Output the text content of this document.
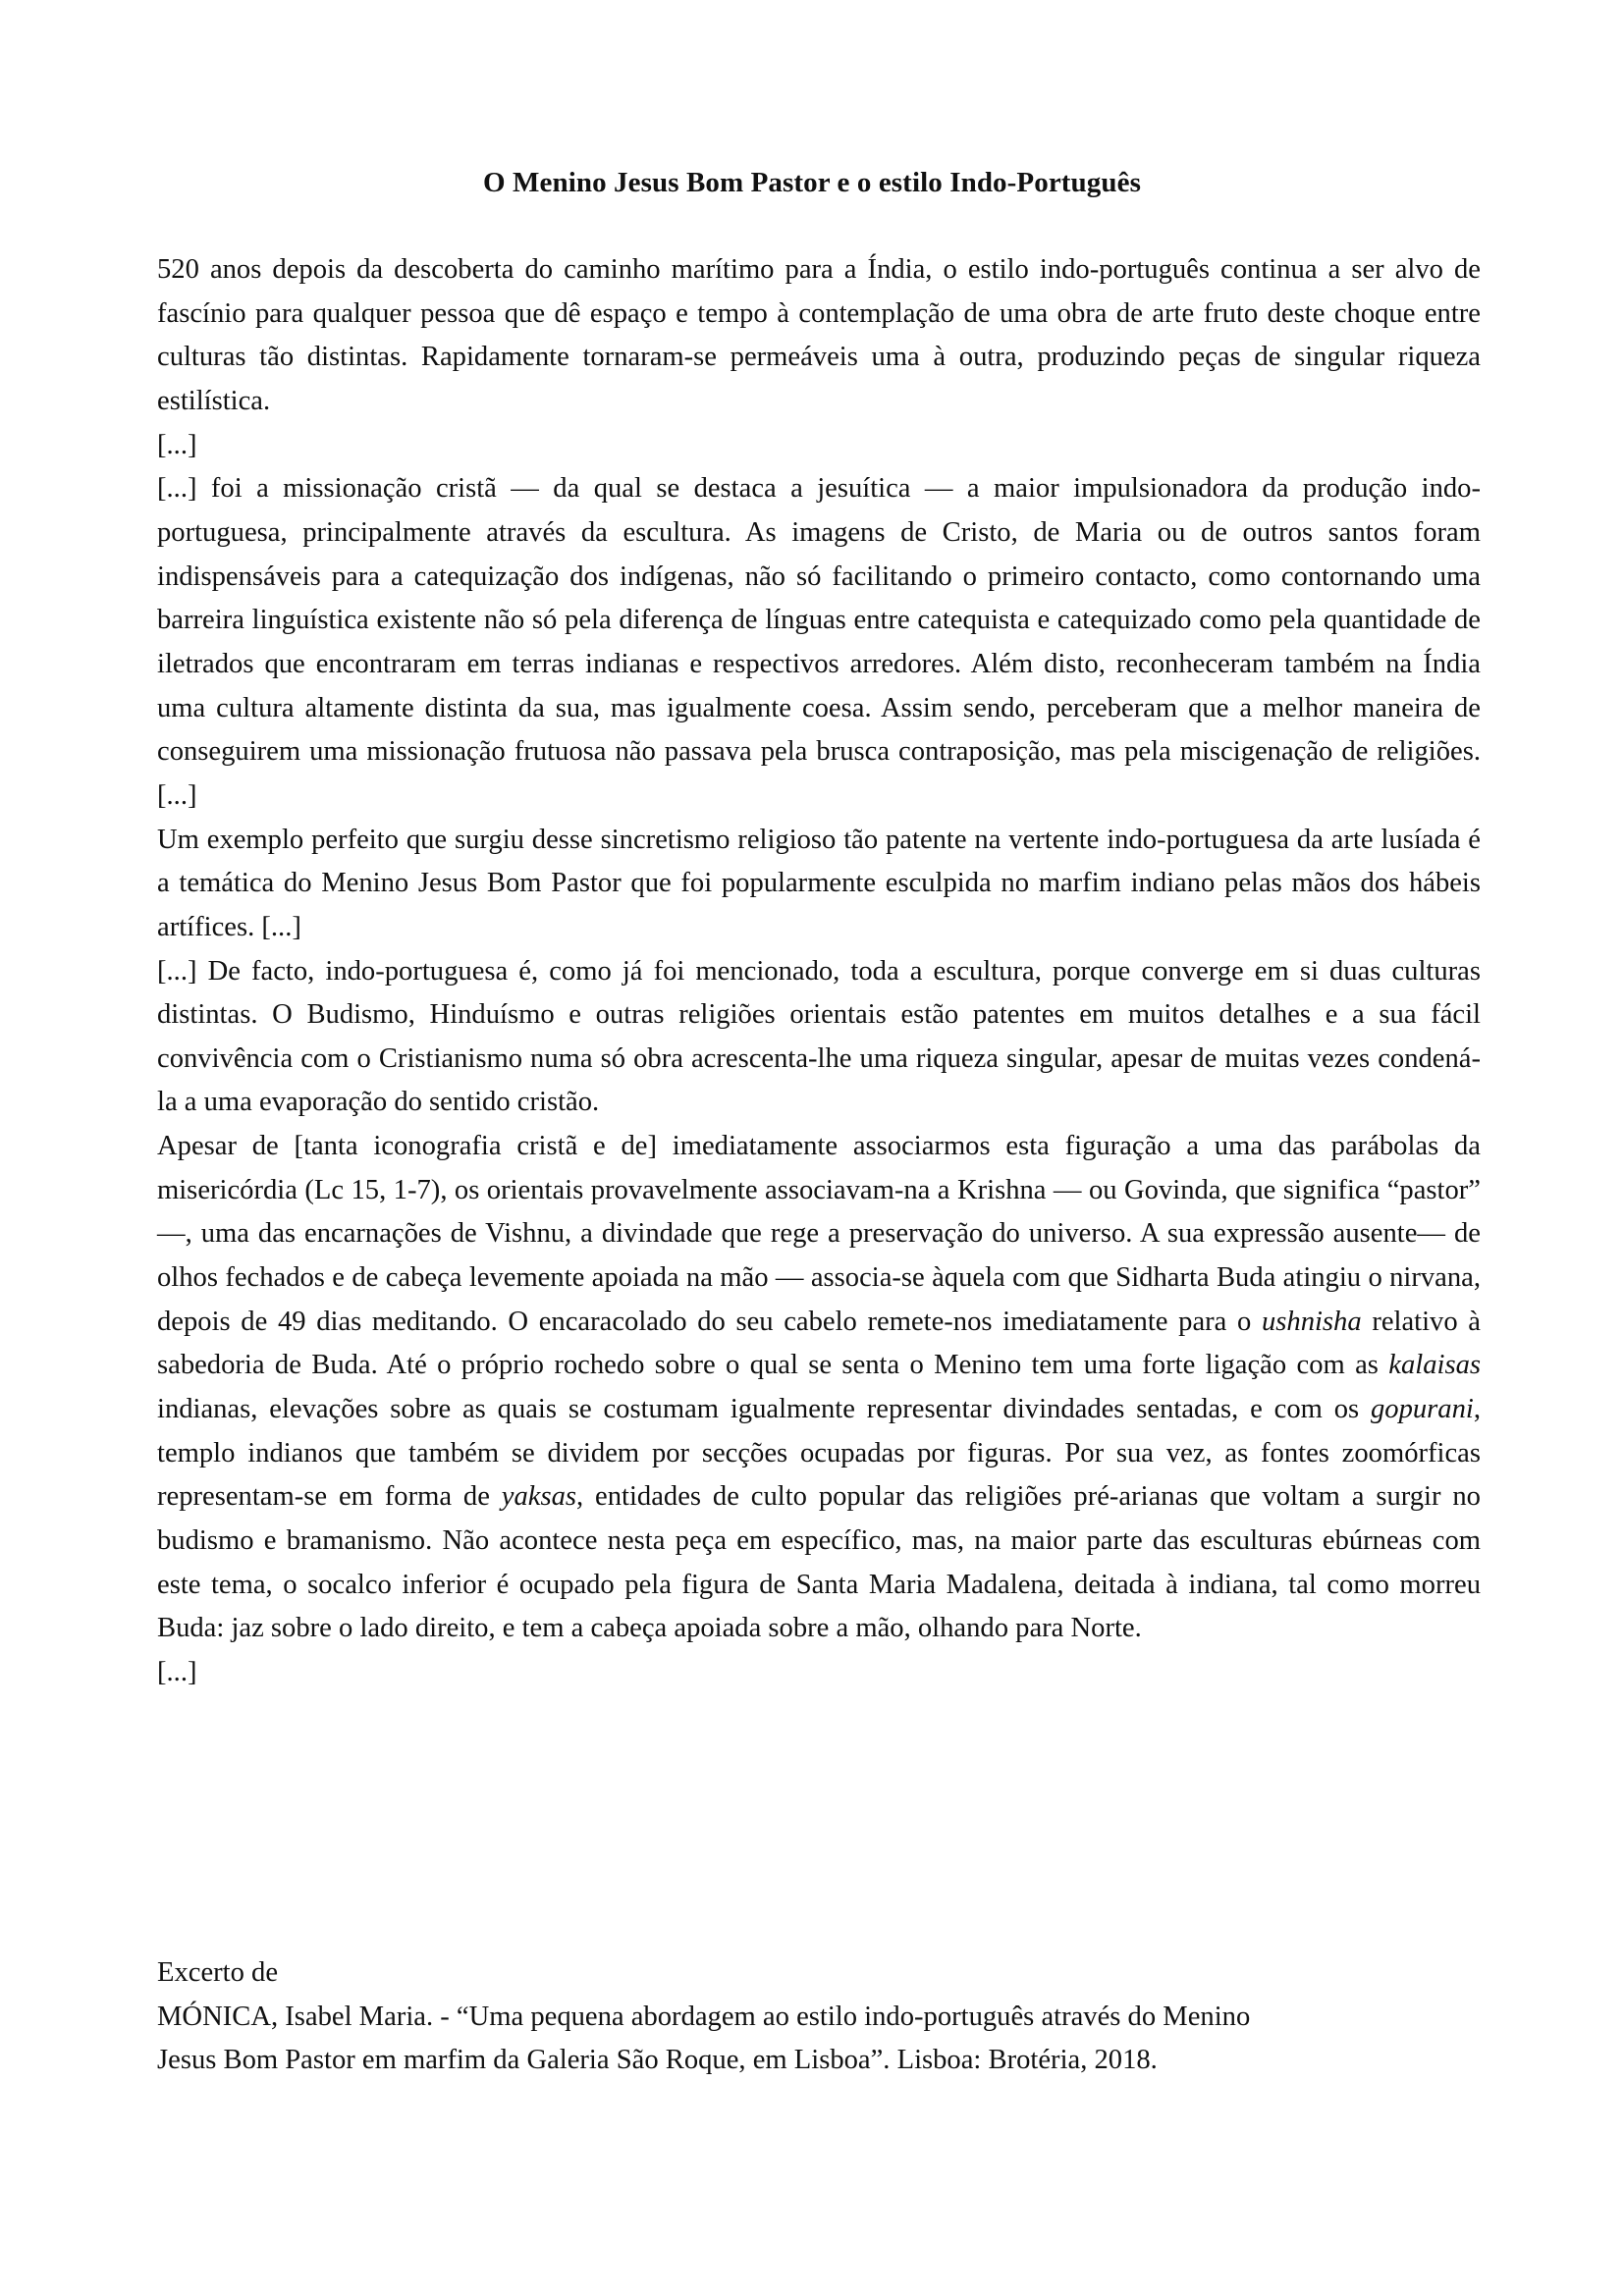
O Menino Jesus Bom Pastor e o estilo Indo-Português

520 anos depois da descoberta do caminho marítimo para a Índia, o estilo indo-português continua a ser alvo de fascínio para qualquer pessoa que dê espaço e tempo à contemplação de uma obra de arte fruto deste choque entre culturas tão distintas. Rapidamente tornaram-se permeáveis uma à outra, produzindo peças de singular riqueza estilística.

[...]

[...] foi a missionação cristã — da qual se destaca a jesuítica — a maior impulsionadora da produção indo-portuguesa, principalmente através da escultura. As imagens de Cristo, de Maria ou de outros santos foram indispensáveis para a catequização dos indígenas, não só facilitando o primeiro contacto, como contornando uma barreira linguística existente não só pela diferença de línguas entre catequista e catequizado como pela quantidade de iletrados que encontraram em terras indianas e respectivos arredores. Além disto, reconheceram também na Índia uma cultura altamente distinta da sua, mas igualmente coesa. Assim sendo, perceberam que a melhor maneira de conseguirem uma missionação frutuosa não passava pela brusca contraposição, mas pela miscigenação de religiões. [...]

Um exemplo perfeito que surgiu desse sincretismo religioso tão patente na vertente indo-portuguesa da arte lusíada é a temática do Menino Jesus Bom Pastor que foi popularmente esculpida no marfim indiano pelas mãos dos hábeis artífices. [...]

[...] De facto, indo-portuguesa é, como já foi mencionado, toda a escultura, porque converge em si duas culturas distintas. O Budismo, Hinduísmo e outras religiões orientais estão patentes em muitos detalhes e a sua fácil convivência com o Cristianismo numa só obra acrescenta-lhe uma riqueza singular, apesar de muitas vezes condená-la a uma evaporação do sentido cristão.

Apesar de [tanta iconografia cristã e de] imediatamente associarmos esta figuração a uma das parábolas da misericórdia (Lc 15, 1-7), os orientais provavelmente associavam-na a Krishna — ou Govinda, que significa “pastor” —, uma das encarnações de Vishnu, a divindade que rege a preservação do universo. A sua expressão ausente— de olhos fechados e de cabeça levemente apoiada na mão — associa-se àquela com que Sidharta Buda atingiu o nirvana, depois de 49 dias meditando. O encaracolado do seu cabelo remete-nos imediatamente para o ushnisha relativo à sabedoria de Buda. Até o próprio rochedo sobre o qual se senta o Menino tem uma forte ligação com as kalaisas indianas, elevações sobre as quais se costumam igualmente representar divindades sentadas, e com os gopurani, templo indianos que também se dividem por secções ocupadas por figuras. Por sua vez, as fontes zoomórficas representam-se em forma de yaksas, entidades de culto popular das religiões pré-arianas que voltam a surgir no budismo e bramanismo. Não acontece nesta peça em específico, mas, na maior parte das esculturas ebúrneas com este tema, o socalco inferior é ocupado pela figura de Santa Maria Madalena, deitada à indiana, tal como morreu Buda: jaz sobre o lado direito, e tem a cabeça apoiada sobre a mão, olhando para Norte.

[...]

Excerto de

MÓNICA, Isabel Maria. - “Uma pequena abordagem ao estilo indo-português através do Menino

Jesus Bom Pastor em marfim da Galeria São Roque, em Lisboa”. Lisboa: Brotéria, 2018.
